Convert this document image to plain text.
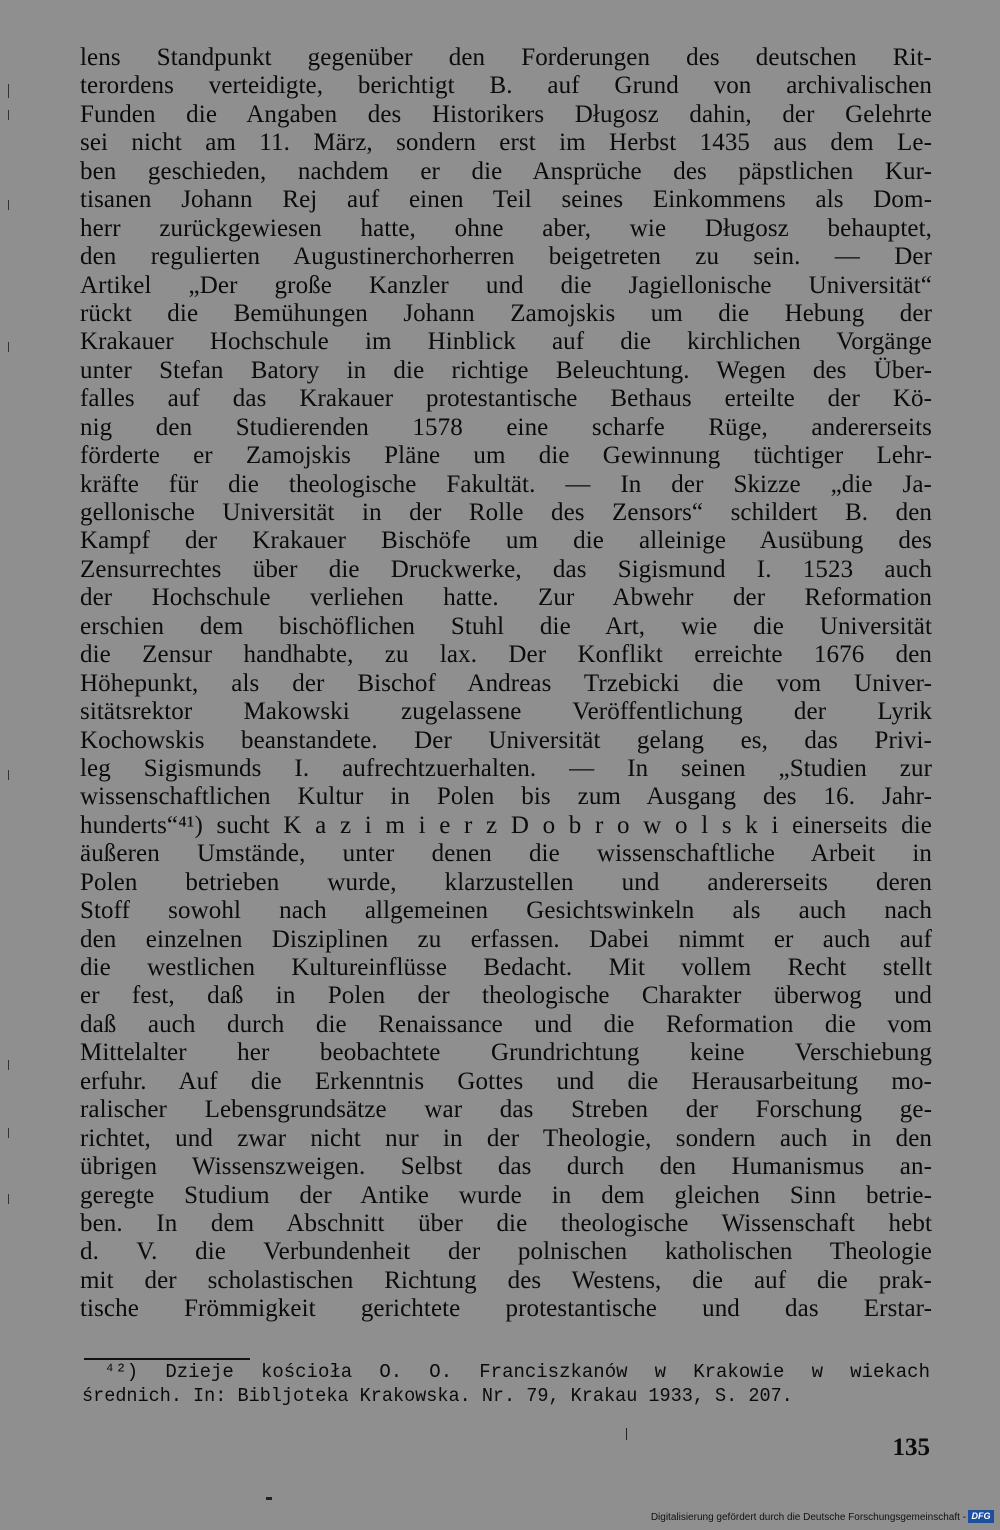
lens Standpunkt gegenüber den Forderungen des deutschen Rit-
terordens verteidigte, berichtigt B. auf Grund von archivalischen
Funden die Angaben des Historikers Długosz dahin, der Gelehrte
sei nicht am 11. März, sondern erst im Herbst 1435 aus dem Le-
ben geschieden, nachdem er die Ansprüche des päpstlichen Kur-
tisanen Johann Rej auf einen Teil seines Einkommens als Dom-
herr zurückgewiesen hatte, ohne aber, wie Długosz behauptet,
den regulierten Augustinerchorherren beigetreten zu sein. — Der
Artikel „Der große Kanzler und die Jagiellonische Universität“
rückt die Bemühungen Johann Zamojskis um die Hebung der
Krakauer Hochschule im Hinblick auf die kirchlichen Vorgänge
unter Stefan Batory in die richtige Beleuchtung. Wegen des Über-
falles auf das Krakauer protestantische Bethaus erteilte der Kö-
nig den Studierenden 1578 eine scharfe Rüge, andererseits
förderte er Zamojskis Pläne um die Gewinnung tüchtiger Lehr-
kräfte für die theologische Fakultät. — In der Skizze „die Ja-
gellonische Universität in der Rolle des Zensors“ schildert B. den
Kampf der Krakauer Bischöfe um die alleinige Ausübung des
Zensurrechtes über die Druckwerke, das Sigismund I. 1523 auch
der Hochschule verliehen hatte. Zur Abwehr der Reformation
erschien dem bischöflichen Stuhl die Art, wie die Universität
die Zensur handhabte, zu lax. Der Konflikt erreichte 1676 den
Höhepunkt, als der Bischof Andreas Trzebicki die vom Univer-
sitätsrektor Makowski zugelassene Veröffentlichung der Lyrik
Kochowskis beanstandete. Der Universität gelang es, das Privi-
leg Sigismunds I. aufrechtzuerhalten. — In seinen „Studien zur
wissenschaftlichen Kultur in Polen bis zum Ausgang des 16. Jahr-
hunderts“⁴¹) sucht K a z i m i e r z D o b r o w o l s k i einerseits die
äußeren Umstände, unter denen die wissenschaftliche Arbeit in
Polen betrieben wurde, klarzustellen und andererseits deren
Stoff sowohl nach allgemeinen Gesichtswinkeln als auch nach
den einzelnen Disziplinen zu erfassen. Dabei nimmt er auch auf
die westlichen Kultureinflüsse Bedacht. Mit vollem Recht stellt
er fest, daß in Polen der theologische Charakter überwog und
daß auch durch die Renaissance und die Reformation die vom
Mittelalter her beobachtete Grundrichtung keine Verschiebung
erfuhr. Auf die Erkenntnis Gottes und die Herausarbeitung mo-
ralischer Lebensgrundsätze war das Streben der Forschung ge-
richtet, und zwar nicht nur in der Theologie, sondern auch in den
übrigen Wissenszweigen. Selbst das durch den Humanismus an-
geregte Studium der Antike wurde in dem gleichen Sinn betrie-
ben. In dem Abschnitt über die theologische Wissenschaft hebt
d. V. die Verbundenheit der polnischen katholischen Theologie
mit der scholastischen Richtung des Westens, die auf die prak-
tische Frömmigkeit gerichtete protestantische und das Erstar-
⁴²) Dzieje kościoła O. O. Franciszkanów w Krakowie w wiekach
średnich. In: Bibljoteka Krakowska. Nr. 79, Krakau 1933, S. 207.
135
Digitalisierung gefördert durch die Deutsche Forschungsgemeinschaft - DFG
